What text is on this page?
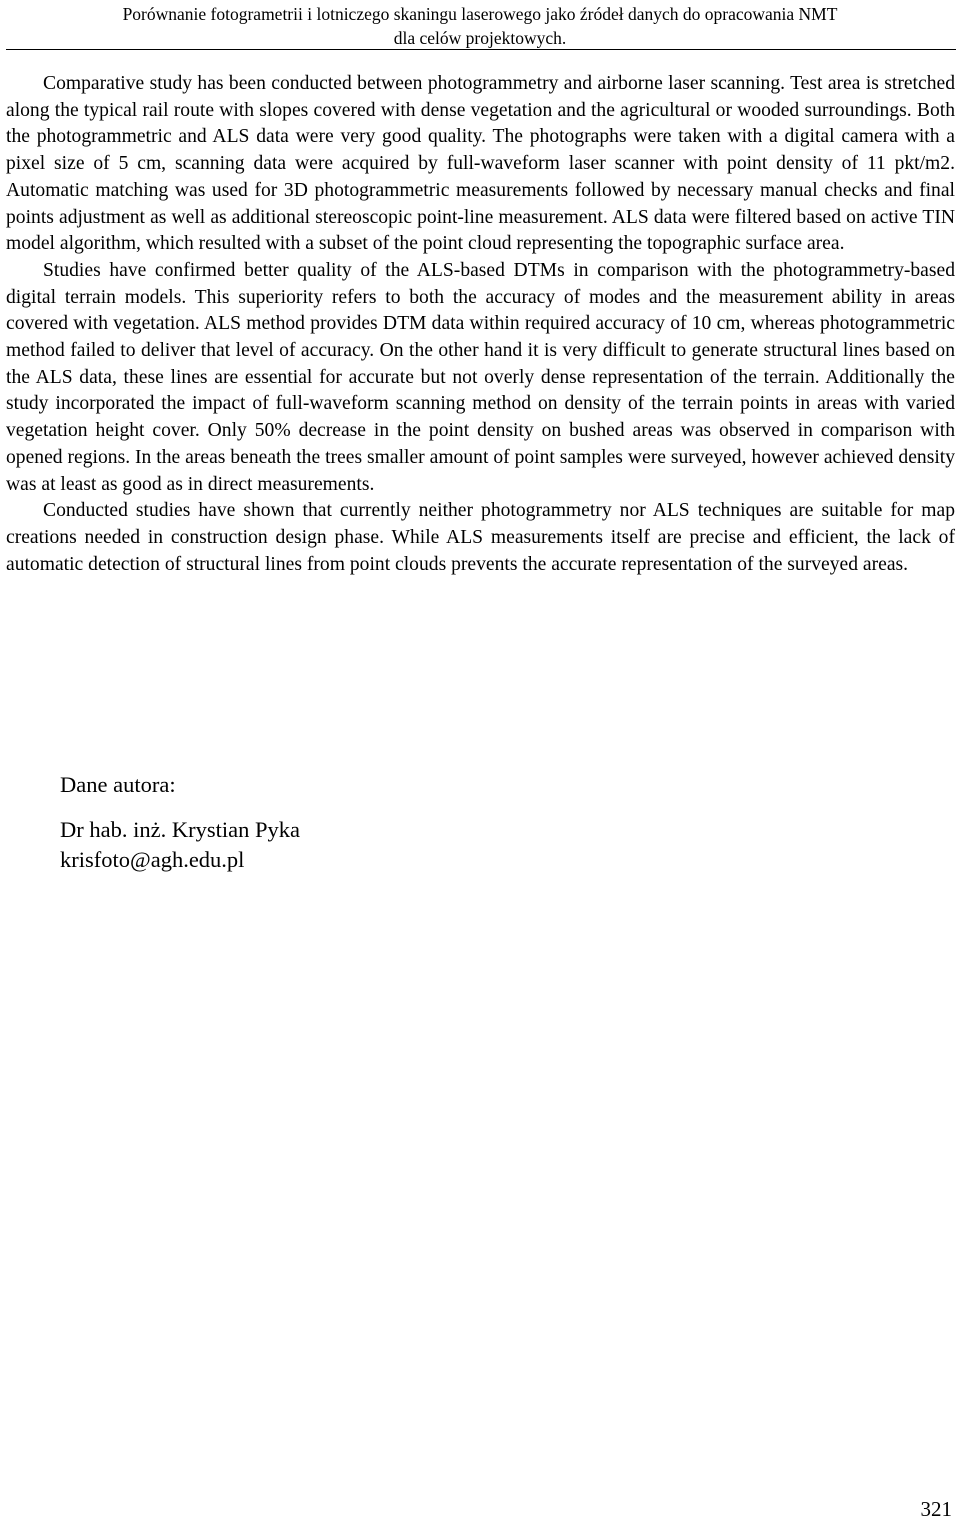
Porównanie fotogrametrii i lotniczego skaningu laserowego jako źródeł danych do opracowania NMT
dla celów projektowych.

Comparative study has been conducted between photogrammetry and airborne laser scanning. Test area is stretched along the typical rail route with slopes covered with dense vegetation and the agricultural or wooded surroundings. Both the photogrammetric and ALS data were very good quality. The photographs were taken with a digital camera with a pixel size of 5 cm, scanning data were acquired by full-waveform laser scanner with point density of 11 pkt/m2. Automatic matching was used for 3D photogrammetric measurements followed by necessary manual checks and final points adjustment as well as additional stereoscopic point-line measurement. ALS data were filtered based on active TIN model algorithm, which resulted with a subset of the point cloud representing the topographic surface area.

Studies have confirmed better quality of the ALS-based DTMs in comparison with the photogrammetry-based digital terrain models. This superiority refers to both the accuracy of modes and the measurement ability in areas covered with vegetation. ALS method provides DTM data within required accuracy of 10 cm, whereas photogrammetric method failed to deliver that level of accuracy. On the other hand it is very difficult to generate structural lines based on the ALS data, these lines are essential for accurate but not overly dense representation of the terrain. Additionally the study incorporated the impact of full-waveform scanning method on density of the terrain points in areas with varied vegetation height cover. Only 50% decrease in the point density on bushed areas was observed in comparison with opened regions. In the areas beneath the trees smaller amount of point samples were surveyed, however achieved density was at least as good as in direct measurements.

Conducted studies have shown that currently neither photogrammetry nor ALS techniques are suitable for map creations needed in construction design phase. While ALS measurements itself are precise and efficient, the lack of automatic detection of structural lines from point clouds prevents the accurate representation of the surveyed areas.

Dane autora:

Dr hab. inż. Krystian Pyka
krisfoto@agh.edu.pl
321
